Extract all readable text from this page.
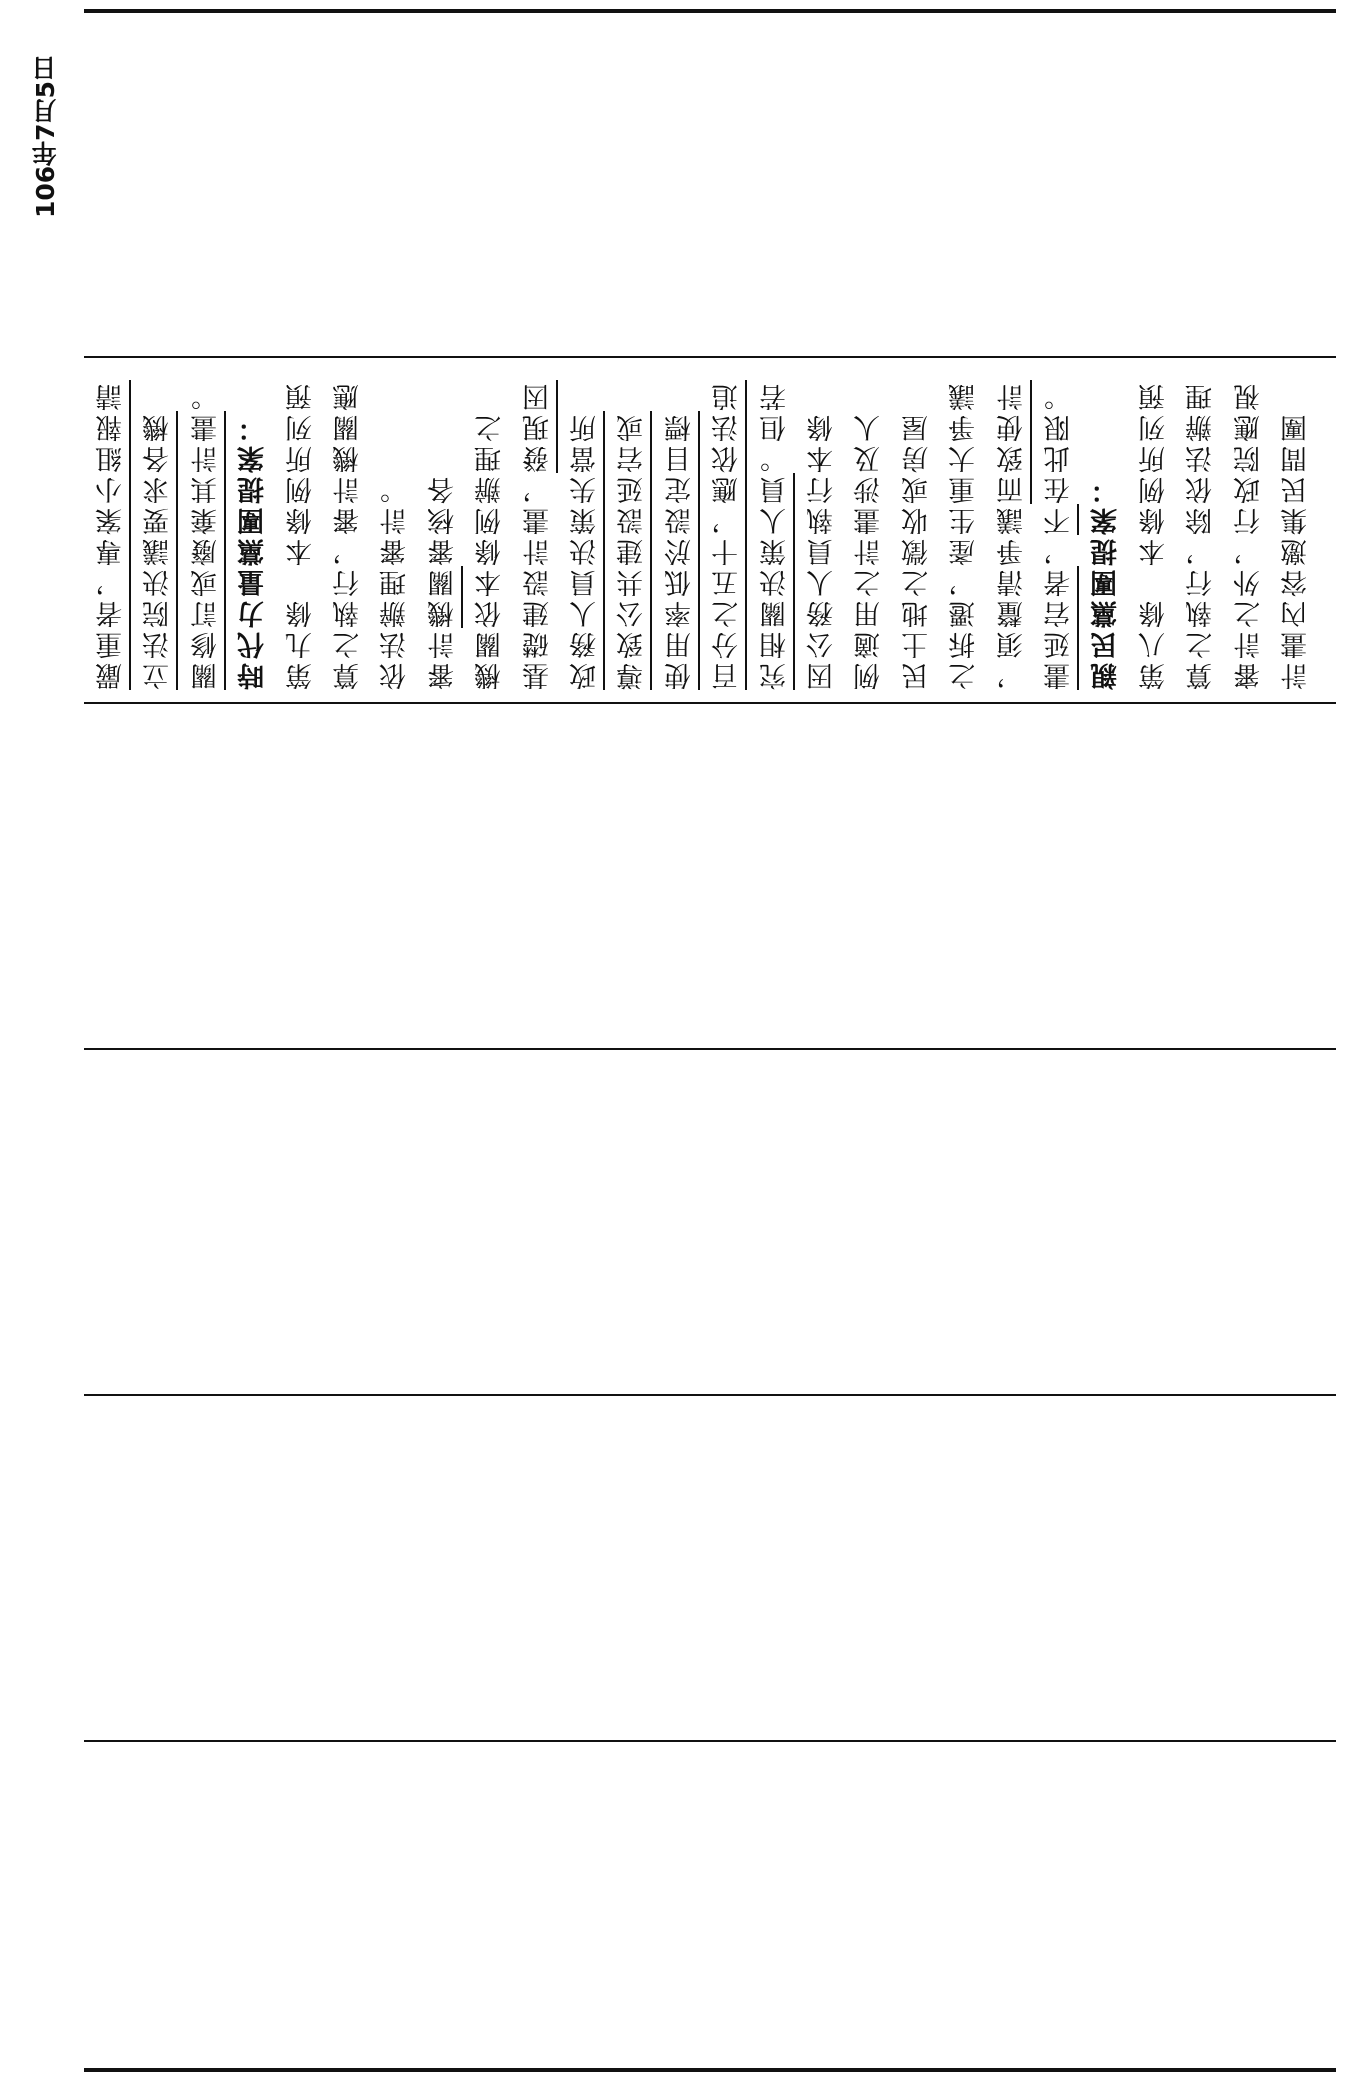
106年7月5日
嚴重者，專案小組報請 立法院決議要求各機 關修訂或廢棄其計畫。
時代力量黨團提案： 第九條　本條例所列預 算之執行，審計機關應 依法辦理審計。 審計機關審核各 機關依本條例辦理之 基礎建設計畫，發現因 政務人員決策失當所 導致公共建設延宕或 使用率低於設定目標 百分之五十，應依法追 究相關決策人員。但若 因公務人員執行本條 例適用之計畫涉及人 民土地之徵收或房屋 之拆遷，產生重大爭議 ，須釐清爭議而致使計
畫延宕者，不在此限。
親民黨團提案： 第八條　本條例所列預 算之執行，除依法辦理 審計之外，行政院應視 計畫內容邀集民間團
